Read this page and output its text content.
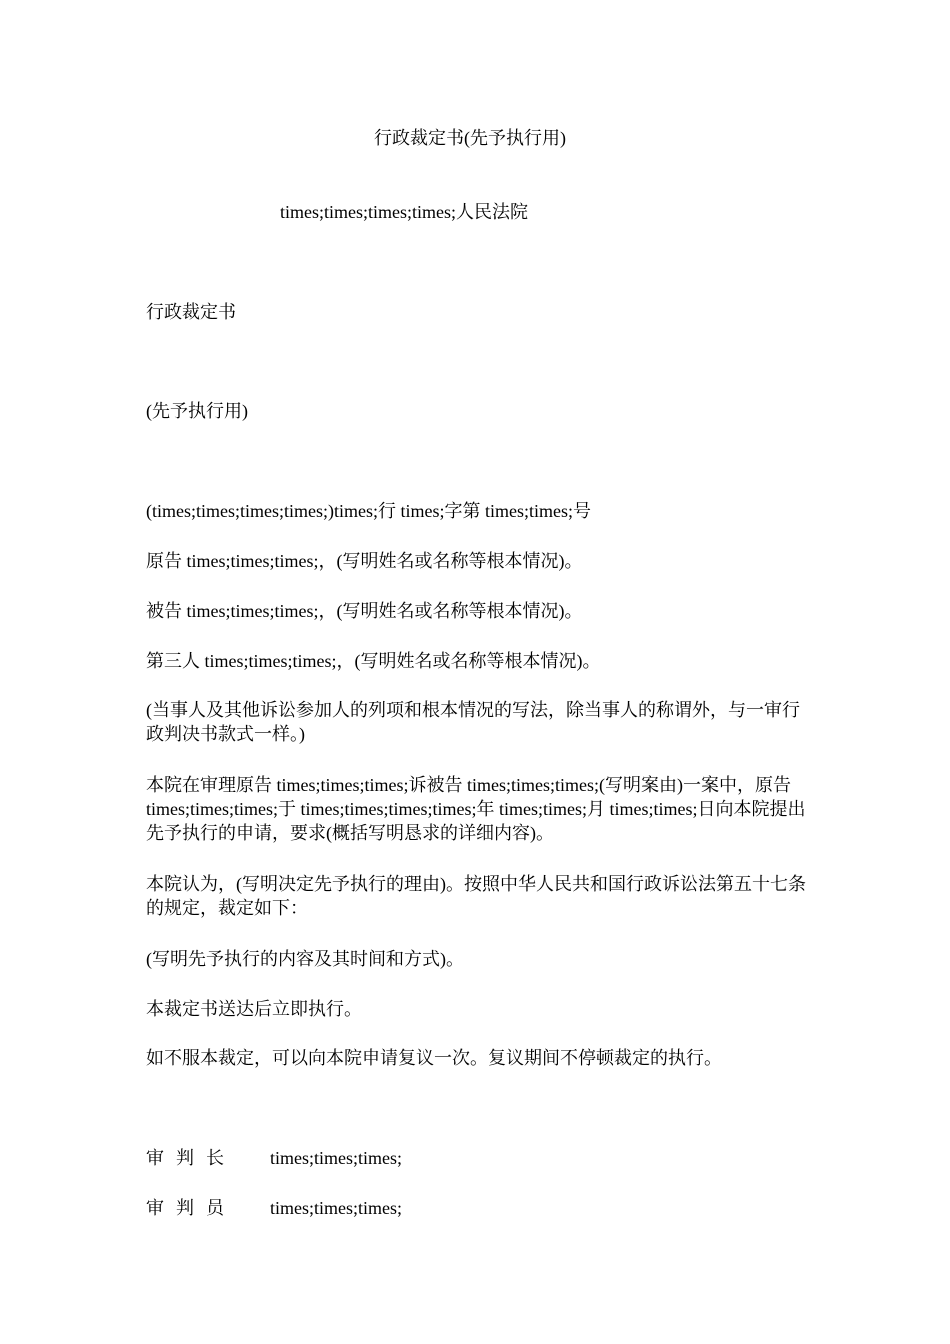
行政裁定书(先予执行用)
times;times;times;times;人民法院
行政裁定书
(先予执行用)
(times;times;times;times;)times;行 times;字第 times;times;号
原告 times;times;times;，(写明姓名或名称等根本情况)。
被告 times;times;times;，(写明姓名或名称等根本情况)。
第三人 times;times;times;，(写明姓名或名称等根本情况)。
(当事人及其他诉讼参加人的列项和根本情况的写法，除当事人的称谓外，与一审行政判决书款式一样。)
本院在审理原告 times;times;times;诉被告 times;times;times;(写明案由)一案中，原告 times;times;times;于 times;times;times;times;年 times;times;月 times;times;日向本院提出先予执行的申请，要求(概括写明恳求的详细内容)。
本院认为，(写明决定先予执行的理由)。按照中华人民共和国行政诉讼法第五十七条的规定，裁定如下：
(写明先予执行的内容及其时间和方式)。
本裁定书送达后立即执行。
如不服本裁定，可以向本院申请复议一次。复议期间不停顿裁定的执行。
审判长 times;times;times;
审判员 times;times;times;
